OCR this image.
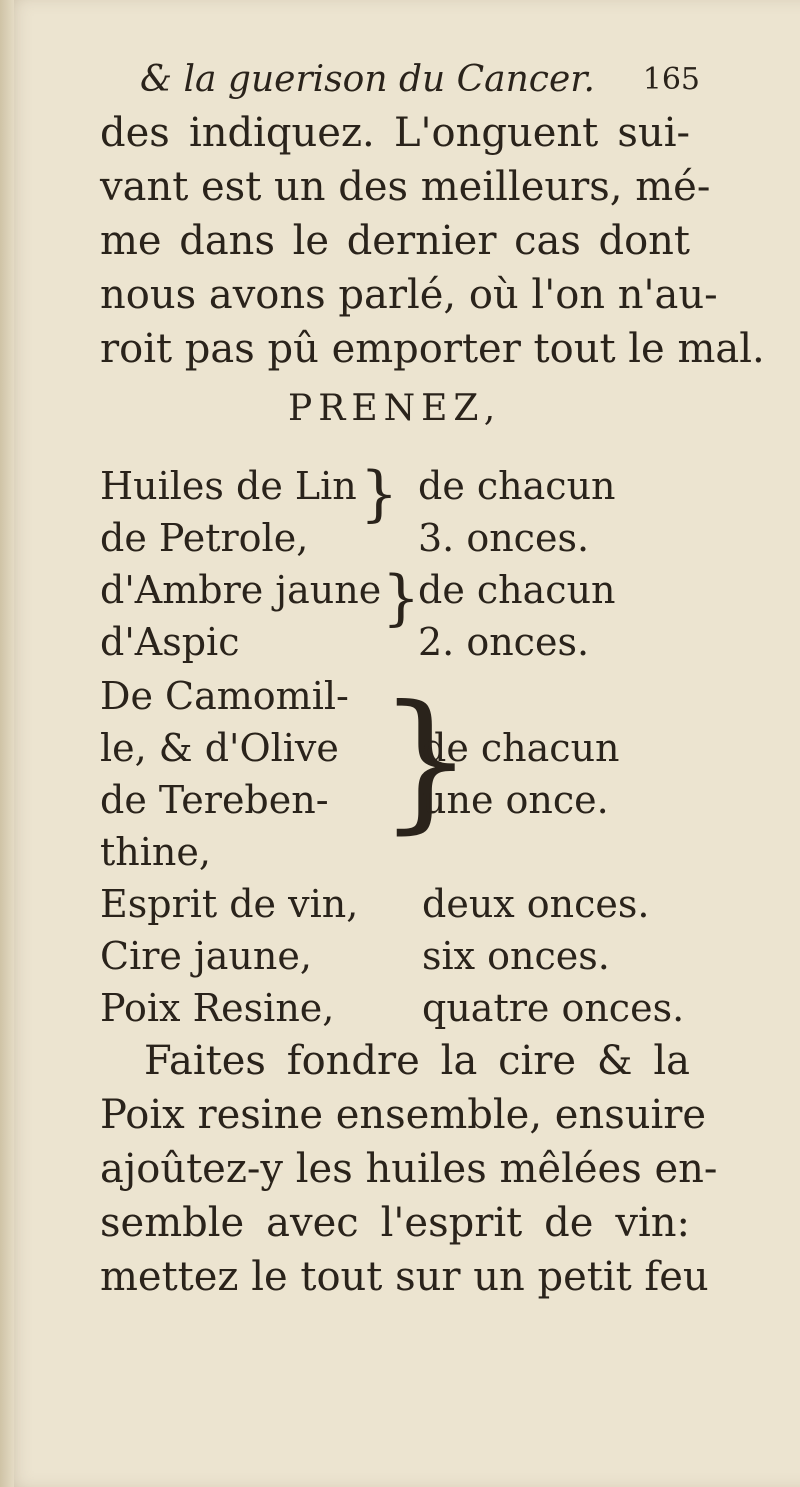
& la guerison du Cancer. 165

des indiquez. L'onguent sui-
vant est un des meilleurs, mé-
me dans le dernier cas dont
nous avons parlé, où l'on n'au-
roit pas pû emporter tout le mal.

PRENEZ,
Huiles de Lin
de Petrole,
} de chacun
3. onces.
d'Ambre jaune
d'Aspic
}
de chacun
2. onces.
De Camomil-
le, & d'Olive
de Tereben-
thine,
}
de chacun
une once.
Esprit de vin, deux onces.
Cire jaune,	six onces.
Poix Resine, quatre onces.

Faites fondre la cire & la
Poix resine ensemble, ensuire
ajoûtez-y les huiles mêlées en-
semble avec l'esprit de vin:
mettez le tout sur un petit feu
